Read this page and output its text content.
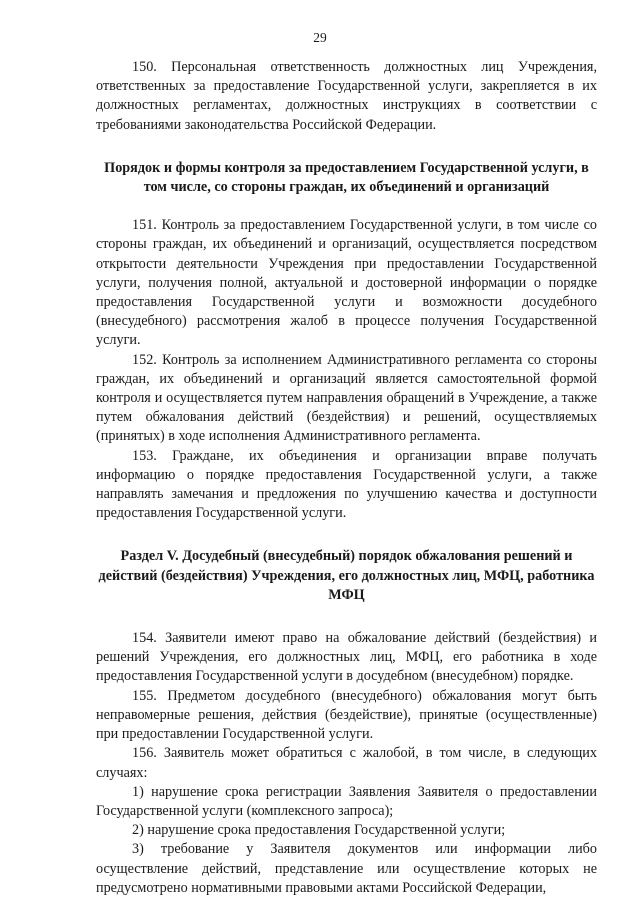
29

150. Персональная ответственность должностных лиц Учреждения, ответственных за предоставление Государственной услуги, закрепляется в их должностных регламентах, должностных инструкциях в соответствии с требованиями законодательства Российской Федерации.

Порядок и формы контроля за предоставлением Государственной услуги, в том числе, со стороны граждан, их объединений и организаций

151. Контроль за предоставлением Государственной услуги, в том числе со стороны граждан, их объединений и организаций, осуществляется посредством открытости деятельности Учреждения при предоставлении Государственной услуги, получения полной, актуальной и достоверной информации о порядке предоставления Государственной услуги и возможности досудебного (внесудебного) рассмотрения жалоб в процессе получения Государственной услуги.

152. Контроль за исполнением Административного регламента со стороны граждан, их объединений и организаций является самостоятельной формой контроля и осуществляется путем направления обращений в Учреждение, а также путем обжалования действий (бездействия) и решений, осуществляемых (принятых) в ходе исполнения Административного регламента.

153. Граждане, их объединения и организации вправе получать информацию о порядке предоставления Государственной услуги, а также направлять замечания и предложения по улучшению качества и доступности предоставления Государственной услуги.

Раздел V. Досудебный (внесудебный) порядок обжалования решений и действий (бездействия) Учреждения, его должностных лиц, МФЦ, работника МФЦ

154. Заявители имеют право на обжалование действий (бездействия) и решений Учреждения, его должностных лиц, МФЦ, его работника в ходе предоставления Государственной услуги в досудебном (внесудебном) порядке.

155. Предметом досудебного (внесудебного) обжалования могут быть неправомерные решения, действия (бездействие), принятые (осуществленные) при предоставлении Государственной услуги.

156. Заявитель может обратиться с жалобой, в том числе, в следующих случаях:

1) нарушение срока регистрации Заявления Заявителя о предоставлении Государственной услуги (комплексного запроса);

2) нарушение срока предоставления Государственной услуги;

3) требование у Заявителя документов или информации либо осуществление действий, представление или осуществление которых не предусмотрено нормативными правовыми актами Российской Федерации,
